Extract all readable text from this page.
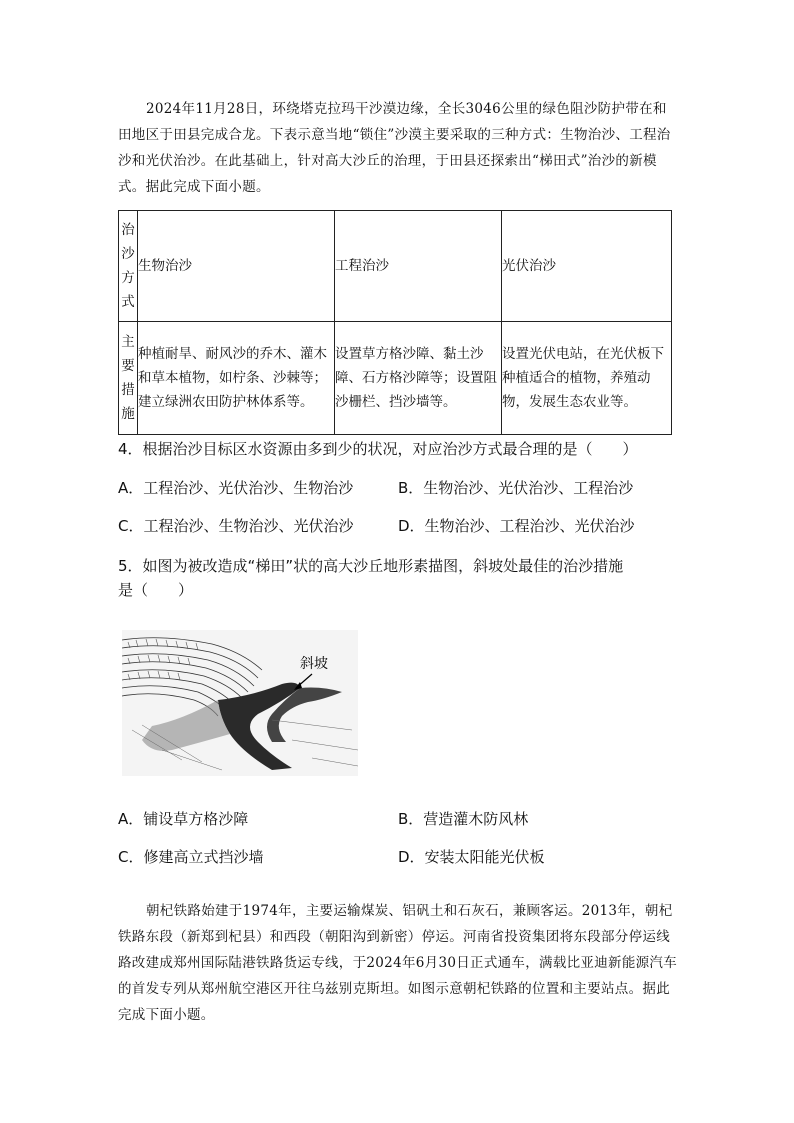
2024年11月28日，环绕塔克拉玛干沙漠边缘，全长3046公里的绿色阻沙防护带在和田地区于田县完成合龙。下表示意当地“锁住”沙漠主要采取的三种方式：生物治沙、工程治沙和光伏治沙。在此基础上，针对高大沙丘的治理，于田县还探索出“梯田式”治沙的新模式。据此完成下面小题。

治
沙
方
式	生物治沙	工程治沙	光伏治沙

主
要
措
施	种植耐旱、耐风沙的乔木、灌木和草本植物，如柠条、沙棘等；建立绿洲农田防护林体系等。	设置草方格沙障、黏土沙障、石方格沙障等；设置阻沙栅栏、挡沙墙等。	设置光伏电站，在光伏板下种植适合的植物，养殖动物，发展生态农业等。

4．根据治沙目标区水资源由多到少的状况，对应治沙方式最合理的是（　　）

A．工程治沙、光伏治沙、生物治沙	B．生物治沙、光伏治沙、工程治沙

C．工程治沙、生物治沙、光伏治沙	D．生物治沙、工程治沙、光伏治沙

5．如图为被改造成“梯田”状的高大沙丘地形素描图，斜坡处最佳的治沙措施

是（　　）

斜坡

A．铺设草方格沙障	B．营造灌木防风林

C．修建高立式挡沙墙	D．安装太阳能光伏板

朝杞铁路始建于1974年，主要运输煤炭、铝矾土和石灰石，兼顾客运。2013年，朝杞铁路东段（新郑到杞县）和西段（朝阳沟到新密）停运。河南省投资集团将东段部分停运线路改建成郑州国际陆港铁路货运专线，于2024年6月30日正式通车，满载比亚迪新能源汽车的首发专列从郑州航空港区开往乌兹别克斯坦。如图示意朝杞铁路的位置和主要站点。据此完成下面小题。
